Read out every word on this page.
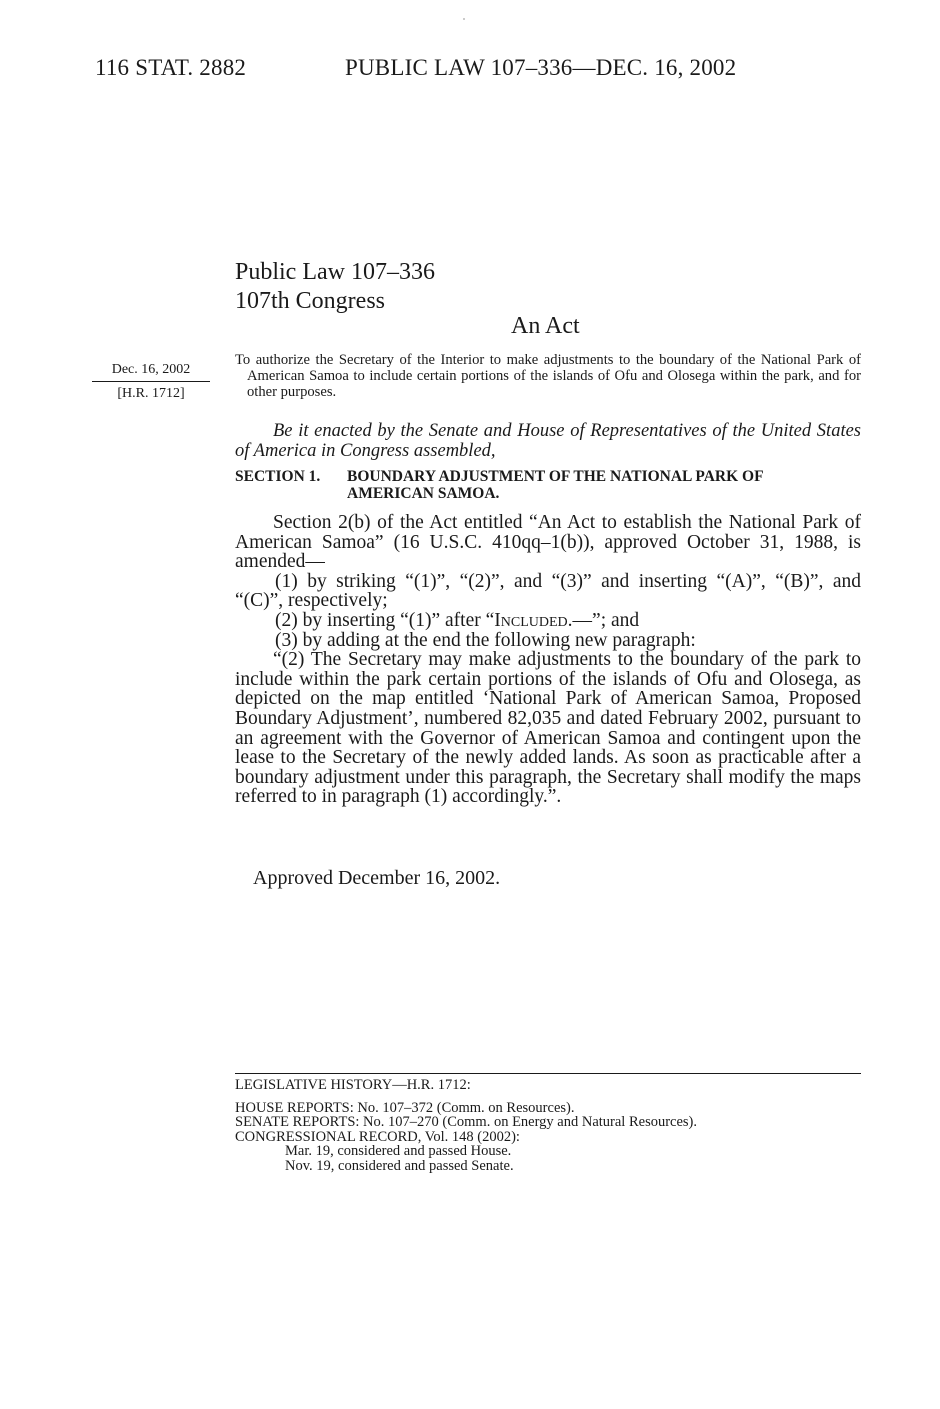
116 STAT. 2882	PUBLIC LAW 107–336—DEC. 16, 2002
Public Law 107–336
107th Congress
An Act
Dec. 16, 2002
[H.R. 1712]

To authorize the Secretary of the Interior to make adjustments to the boundary of the National Park of American Samoa to include certain portions of the islands of Ofu and Olosega within the park, and for other purposes.

Be it enacted by the Senate and House of Representatives of the United States of America in Congress assembled,

SECTION 1. BOUNDARY ADJUSTMENT OF THE NATIONAL PARK OF
AMERICAN SAMOA.

Section 2(b) of the Act entitled “An Act to establish the National Park of American Samoa” (16 U.S.C. 410qq–1(b)), approved October 31, 1988, is amended—

(1) by striking “(1)”, “(2)”, and “(3)” and inserting “(A)”, “(B)”, and “(C)”, respectively;

(2) by inserting “(1)” after “Included.—”; and

(3) by adding at the end the following new paragraph:

“(2) The Secretary may make adjustments to the boundary of the park to include within the park certain portions of the islands of Ofu and Olosega, as depicted on the map entitled ‘National Park of American Samoa, Proposed Boundary Adjustment’, numbered 82,035 and dated February 2002, pursuant to an agreement with the Governor of American Samoa and contingent upon the lease to the Secretary of the newly added lands. As soon as practicable after a boundary adjustment under this paragraph, the Secretary shall modify the maps referred to in paragraph (1) accordingly.”.

Approved December 16, 2002.

LEGISLATIVE HISTORY—H.R. 1712:

HOUSE REPORTS: No. 107–372 (Comm. on Resources).

SENATE REPORTS: No. 107–270 (Comm. on Energy and Natural Resources).

CONGRESSIONAL RECORD, Vol. 148 (2002):

Mar. 19, considered and passed House.

Nov. 19, considered and passed Senate.
